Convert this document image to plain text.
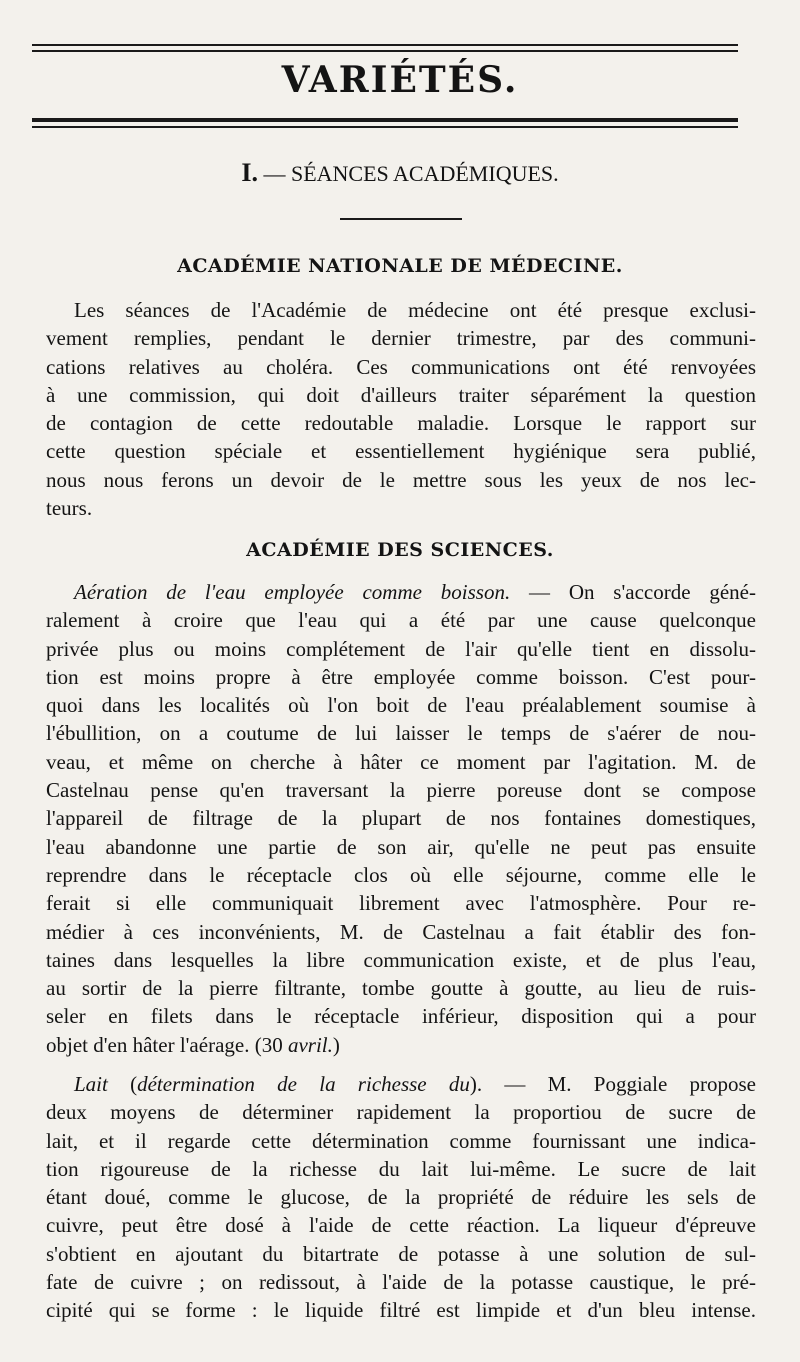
VARIÉTÉS.
I. — SÉANCES ACADÉMIQUES.
ACADÉMIE NATIONALE DE MÉDECINE.
Les séances de l'Académie de médecine ont été presque exclusi-
vement remplies, pendant le dernier trimestre, par des communi-
cations relatives au choléra. Ces communications ont été renvoyées
à une commission, qui doit d'ailleurs traiter séparément la question
de contagion de cette redoutable maladie. Lorsque le rapport sur
cette question spéciale et essentiellement hygiénique sera publié,
nous nous ferons un devoir de le mettre sous les yeux de nos lec-
teurs.
ACADÉMIE DES SCIENCES.
Aération de l'eau employée comme boisson. — On s'accorde géné-
ralement à croire que l'eau qui a été par une cause quelconque
privée plus ou moins complétement de l'air qu'elle tient en dissolu-
tion est moins propre à être employée comme boisson. C'est pour-
quoi dans les localités où l'on boit de l'eau préalablement soumise à
l'ébullition, on a coutume de lui laisser le temps de s'aérer de nou-
veau, et même on cherche à hâter ce moment par l'agitation. M. de
Castelnau pense qu'en traversant la pierre poreuse dont se compose
l'appareil de filtrage de la plupart de nos fontaines domestiques,
l'eau abandonne une partie de son air, qu'elle ne peut pas ensuite
reprendre dans le réceptacle clos où elle séjourne, comme elle le
ferait si elle communiquait librement avec l'atmosphère. Pour re-
médier à ces inconvénients, M. de Castelnau a fait établir des fon-
taines dans lesquelles la libre communication existe, et de plus l'eau,
au sortir de la pierre filtrante, tombe goutte à goutte, au lieu de ruis-
seler en filets dans le réceptacle inférieur, disposition qui a pour
objet d'en hâter l'aérage. (30 avril.)
Lait (détermination de la richesse du). — M. Poggiale propose
deux moyens de déterminer rapidement la proportiou de sucre de
lait, et il regarde cette détermination comme fournissant une indica-
tion rigoureuse de la richesse du lait lui-même. Le sucre de lait
étant doué, comme le glucose, de la propriété de réduire les sels de
cuivre, peut être dosé à l'aide de cette réaction. La liqueur d'épreuve
s'obtient en ajoutant du bitartrate de potasse à une solution de sul-
fate de cuivre ; on redissout, à l'aide de la potasse caustique, le pré-
cipité qui se forme : le liquide filtré est limpide et d'un bleu intense.
